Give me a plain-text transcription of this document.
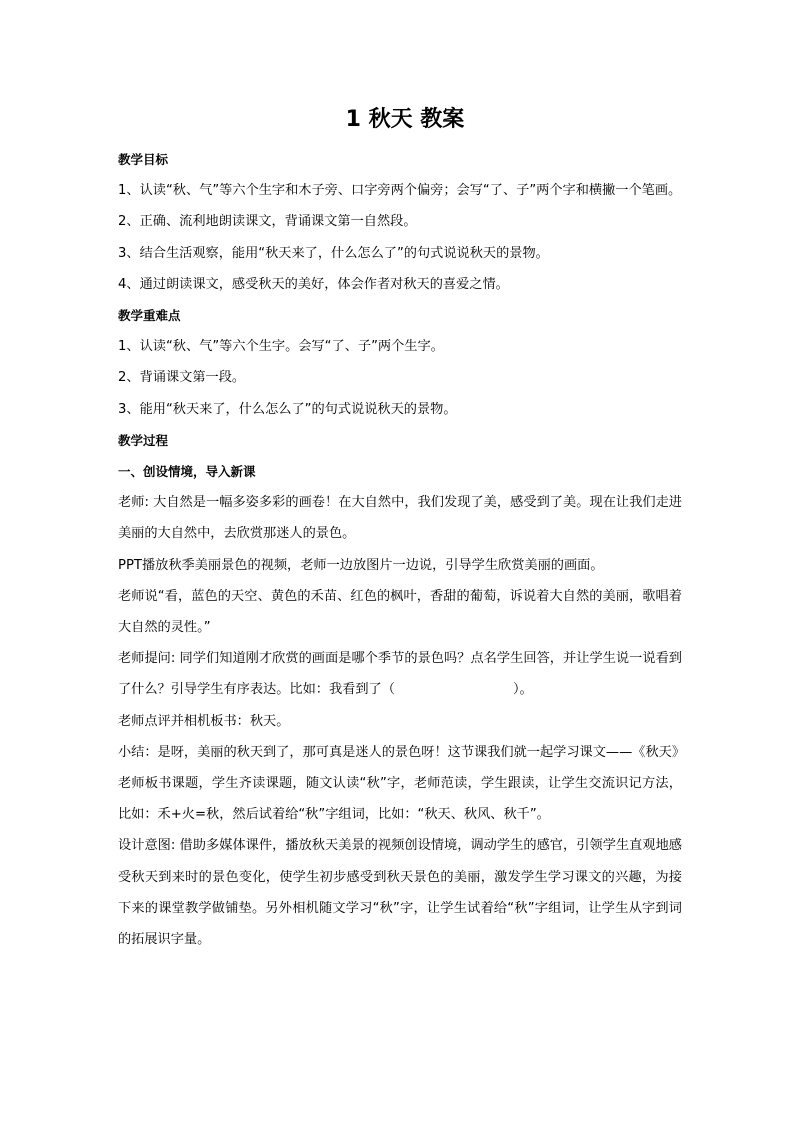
1 秋天 教案

教学目标

1、认读“秋、气”等六个生字和木子旁、口字旁两个偏旁；会写“了、子”两个字和横撇一个笔画。

2、正确、流利地朗读课文，背诵课文第一自然段。

3、结合生活观察，能用“秋天来了，什么怎么了”的句式说说秋天的景物。

4、通过朗读课文，感受秋天的美好，体会作者对秋天的喜爱之情。

教学重难点

1、认读“秋、气”等六个生字。会写“了、子”两个生字。

2、背诵课文第一段。

3、能用“秋天来了，什么怎么了”的句式说说秋天的景物。

教学过程

一、创设情境，导入新课

老师: 大自然是一幅多姿多彩的画卷！在大自然中，我们发现了美，感受到了美。现在让我们走进美丽的大自然中，去欣赏那迷人的景色。

PPT播放秋季美丽景色的视频，老师一边放图片一边说，引导学生欣赏美丽的画面。

老师说“看，蓝色的天空、黄色的禾苗、红色的枫叶，香甜的葡萄，诉说着大自然的美丽，歌唱着大自然的灵性。”

老师提问: 同学们知道刚才欣赏的画面是哪个季节的景色吗？点名学生回答，并让学生说一说看到了什么？引导学生有序表达。比如：我看到了（	）。

老师点评并相机板书：秋天。

小结：是呀，美丽的秋天到了，那可真是迷人的景色呀！这节课我们就一起学习课文——《秋天》

老师板书课题，学生齐读课题，随文认读“秋”字，老师范读，学生跟读，让学生交流识记方法，比如：禾+火=秋，然后试着给“秋”字组词，比如：“秋天、秋风、秋千”。

设计意图: 借助多媒体课件，播放秋天美景的视频创设情境，调动学生的感官，引领学生直观地感受秋天到来时的景色变化，使学生初步感受到秋天景色的美丽，激发学生学习课文的兴趣，为接下来的课堂教学做铺垫。另外相机随文学习“秋”字，让学生试着给“秋”字组词，让学生从字到词的拓展识字量。
